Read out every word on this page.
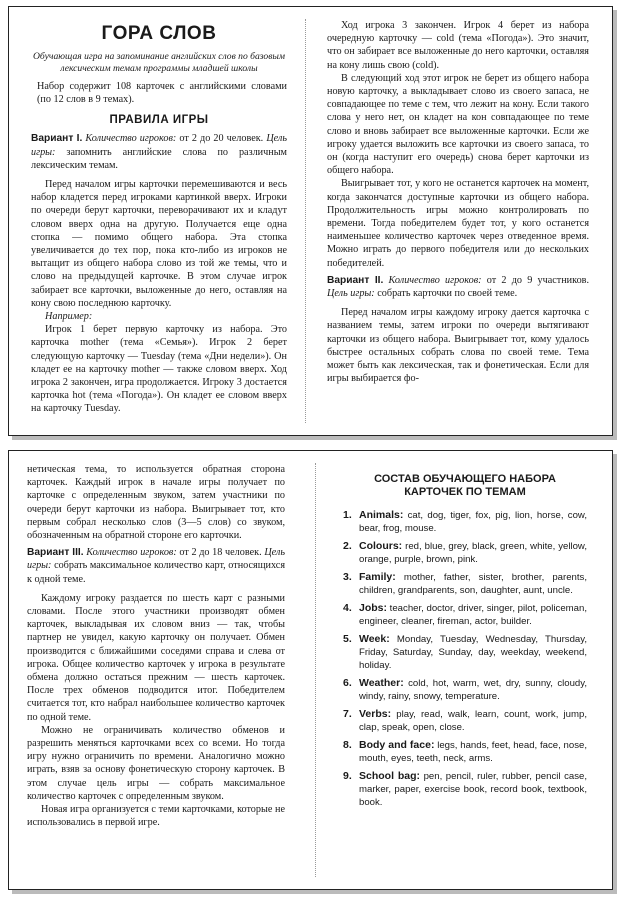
ГОРА СЛОВ
Обучающая игра на запоминание английских слов по базовым лексическим темам программы младшей школы

Набор содержит 108 карточек с английскими словами (по 12 слов в 9 темах).

ПРАВИЛА ИГРЫ

Вариант I. Количество игроков: от 2 до 20 человек. Цель игры: запомнить английские слова по различным лексическим темам.

Перед началом игры карточки перемешиваются и весь набор кладется перед игроками картинкой вверх. Игроки по очереди берут карточки, переворачивают их и кладут словом вверх одна на другую. Получается еще одна стопка — помимо общего набора. Эта стопка увеличивается до тех пор, пока кто-либо из игроков не вытащит из общего набора слово из той же темы, что и слово на предыдущей карточке. В этом случае игрок забирает все карточки, выложенные до него, оставляя на кону свою последнюю карточку.

Например:

Игрок 1 берет первую карточку из набора. Это карточка mother (тема «Семья»). Игрок 2 берет следующую карточку — Tuesday (тема «Дни недели»). Он кладет ее на карточку mother — также словом вверх. Ход игрока 2 закончен, игра продолжается. Игроку 3 достается карточка hot (тема «Погода»). Он кладет ее словом вверх на карточку Tuesday.

Ход игрока 3 закончен. Игрок 4 берет из набора очередную карточку — cold (тема «Погода»). Это значит, что он забирает все выложенные до него карточки, оставляя на кону лишь свою (cold).

В следующий ход этот игрок не берет из общего набора новую карточку, а выкладывает слово из своего запаса, не совпадающее по теме с тем, что лежит на кону. Если такого слова у него нет, он кладет на кон совпадающее по теме слово и вновь забирает все выложенные карточки. Если же игроку удается выложить все карточки из своего запаса, то он (когда наступит его очередь) снова берет карточки из общего набора.

Выигрывает тот, у кого не останется карточек на момент, когда закончатся доступные карточки из общего набора. Продолжительность игры можно контролировать по времени. Тогда победителем будет тот, у кого останется наименьшее количество карточек через отведенное время. Можно играть до первого победителя или до нескольких победителей.

Вариант II. Количество игроков: от 2 до 9 участников. Цель игры: собрать карточки по своей теме.

Перед началом игры каждому игроку дается карточка с названием темы, затем игроки по очереди вытягивают карточки из общего набора. Выигрывает тот, кому удалось быстрее остальных собрать слова по своей теме. Тема может быть как лексическая, так и фонетическая. Если для игры выбирается фо-

нетическая тема, то используется обратная сторона карточек. Каждый игрок в начале игры получает по карточке с определенным звуком, затем участники по очереди берут карточки из набора. Выигрывает тот, кто первым собрал несколько слов (3—5 слов) со звуком, обозначенным на обратной стороне его карточки.

Вариант III. Количество игроков: от 2 до 18 человек. Цель игры: собрать максимальное количество карт, относящихся к одной теме.

Каждому игроку раздается по шесть карт с разными словами. После этого участники производят обмен карточек, выкладывая их словом вниз — так, чтобы партнер не увидел, какую карточку он получает. Обмен производится с ближайшими соседями справа и слева от игрока. Общее количество карточек у игрока в результате обмена должно остаться прежним — шесть карточек. После трех обменов подводится итог. Победителем считается тот, кто набрал наибольшее количество карточек по одной теме.

Можно не ограничивать количество обменов и разрешить меняться карточками всех со всеми. Но тогда игру нужно ограничить по времени. Аналогично можно играть, взяв за основу фонетическую сторону карточек. В этом случае цель игры — собрать максимальное количество карточек с определенным звуком.

Новая игра организуется с теми карточками, которые не использовались в первой игре.

СОСТАВ ОБУЧАЮЩЕГО НАБОРА
КАРТОЧЕК ПО ТЕМАМ
1. Animals: cat, dog, tiger, fox, pig, lion, horse, cow, bear, frog, mouse.
2. Colours: red, blue, grey, black, green, white, yellow, orange, purple, brown, pink.
3. Family: mother, father, sister, brother, parents, children, grandparents, son, daughter, aunt, uncle.
4. Jobs: teacher, doctor, driver, singer, pilot, policeman, engineer, cleaner, fireman, actor, builder.
5. Week: Monday, Tuesday, Wednesday, Thursday, Friday, Saturday, Sunday, day, weekday, weekend, holiday.
6. Weather: cold, hot, warm, wet, dry, sunny, cloudy, windy, rainy, snowy, temperature.
7. Verbs: play, read, walk, learn, count, work, jump, clap, speak, open, close.
8. Body and face: legs, hands, feet, head, face, nose, mouth, eyes, teeth, neck, arms.
9. School bag: pen, pencil, ruler, rubber, pencil case, marker, paper, exercise book, record book, textbook, book.
